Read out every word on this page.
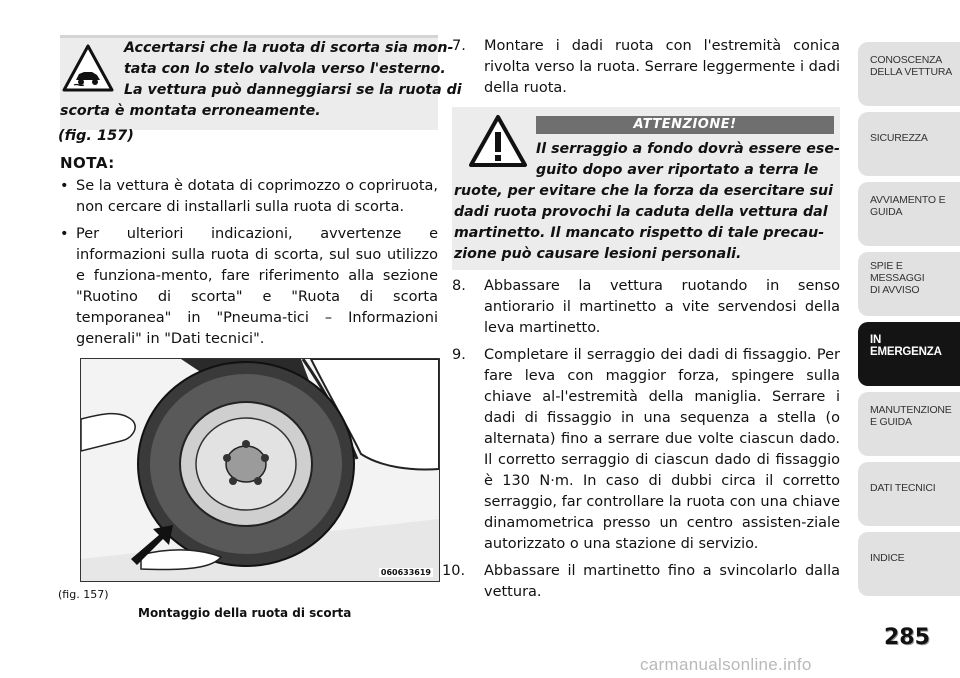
Accertarsi che la ruota di scorta sia mon-
tata con lo stelo valvola verso l'esterno.
La vettura può danneggiarsi se la ruota di
scorta è montata erroneamente.
(fig. 157)
NOTA:
• Se la vettura è dotata di coprimozzo o copriruota, non cercare di installarli sulla ruota di scorta.
• Per ulteriori indicazioni, avvertenze e informazioni sulla ruota di scorta, sul suo utilizzo e funziona-mento, fare riferimento alla sezione "Ruotino di scorta" e "Ruota di scorta temporanea" in "Pneuma-tici – Informazioni generali" in "Dati tecnici".
060633619
(fig. 157)
Montaggio della ruota di scorta
7. Montare i dadi ruota con l'estremità conica rivolta verso la ruota. Serrare leggermente i dadi della ruota.
ATTENZIONE!
Il serraggio a fondo dovrà essere ese-
guito dopo aver riportato a terra le
ruote, per evitare che la forza da esercitare sui
dadi ruota provochi la caduta della vettura dal
martinetto. Il mancato rispetto di tale precau-
zione può causare lesioni personali.
8. Abbassare la vettura ruotando in senso antiorario il martinetto a vite servendosi della leva martinetto.
9. Completare il serraggio dei dadi di fissaggio. Per fare leva con maggior forza, spingere sulla chiave al-l'estremità della maniglia. Serrare i dadi di fissaggio in una sequenza a stella (o alternata) fino a serrare due volte ciascun dado. Il corretto serraggio di ciascun dado di fissaggio è 130 N·m. In caso di dubbi circa il corretto serraggio, far controllare la ruota con una chiave dinamometrica presso un centro assisten-ziale autorizzato o una stazione di servizio.
10. Abbassare il martinetto fino a svincolarlo dalla vettura.
CONOSCENZA
DELLA VETTURA
SICUREZZA
AVVIAMENTO E
GUIDA
SPIE E
MESSAGGI
DI AVVISO
IN
EMERGENZA
MANUTENZIONE
E GUIDA
DATI TECNICI
INDICE
285
carmanualsonline.info
